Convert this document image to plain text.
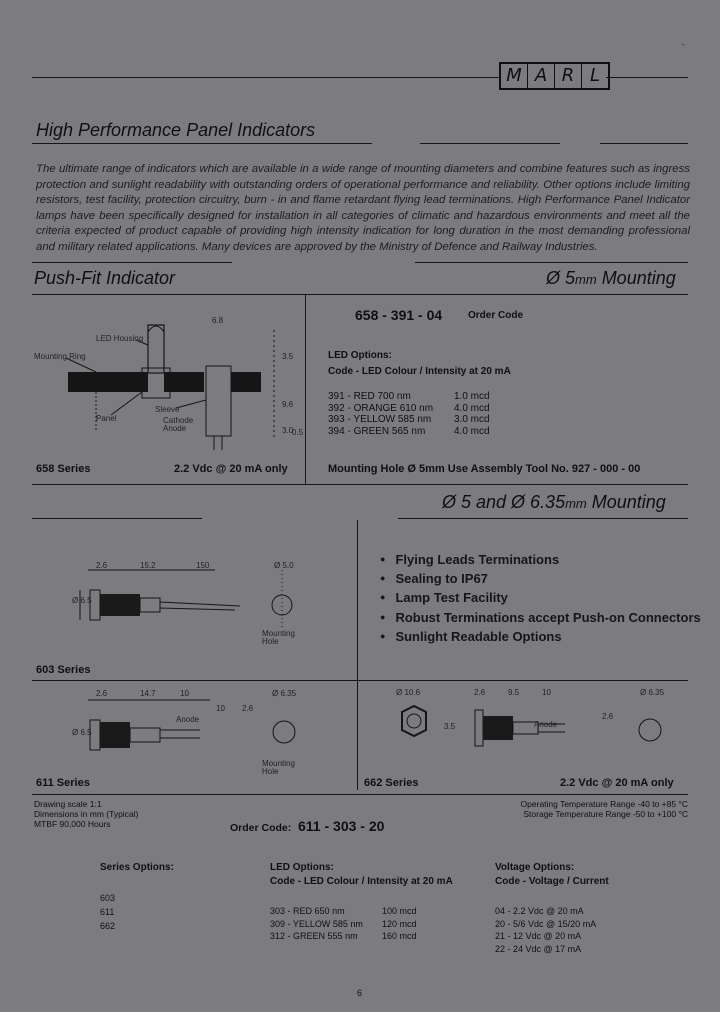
M A R L
-
High Performance Panel Indicators
The ultimate range of indicators which are available in a wide range of mounting diameters and combine features such as ingress protection and sunlight readability with outstanding orders of operational performance and reliability. Other options include limiting resistors, test facility, protection circuitry, burn - in and flame retardant flying lead terminations. High Performance Panel Indicator lamps have been specifically designed for installation in all categories of climatic and hazardous environments and meet all the criteria expected of product capable of providing high intensity indication for long duration in the most demanding professional and military related applications. Many devices are approved by the Ministry of Defence and Railway Industries.
Push-Fit Indicator	Ø 5mm Mounting
6.8
LED Housing
Mounting Ring
Panel
Sleeve
Cathode
Anode
3.5
9.6
3.0
0.5
658 - 391 - 04	Order Code
LED Options:
Code - LED Colour / Intensity at 20 mA
391 - RED 700 nm	1.0 mcd
392 - ORANGE 610 nm 4.0 mcd
393 - YELLOW 585 nm 3.0 mcd
394 - GREEN 565 nm	4.0 mcd
658 Series	2.2 Vdc @ 20 mA only	Mounting Hole Ø 5mm Use Assembly Tool No. 927 - 000 - 00
Ø 5 and Ø 6.35mm Mounting
● Flying Leads Terminations
● Sealing to IP67
● Lamp Test Facility
● Robust Terminations accept Push-on Connectors
● Sunlight Readable Options
2.6	15.2	150
Ø 6.5
Ø 5.0
Mounting Hole
603 Series
2.6	14.7	10
Ø 6.5
Ø 6.35
10 2.6
Anode
Mounting Hole
611 Series
Ø 10.6	2.6	9.5	10	Ø 6.35
3.5
2.6
Anode
662 Series	2.2 Vdc @ 20 mA only
Drawing scale 1:1
Dimensions in mm (Typical)
MTBF 90,000 Hours
Operating Temperature Range -40 to +85 °C
Storage Temperature Range -50 to +100 °C
Order Code: 611 - 303 - 20
Series Options:
603
611
662
LED Options:
Code - LED Colour / Intensity at 20 mA
303 - RED 650 nm	100 mcd
309 - YELLOW 585 nm 120 mcd
312 - GREEN 555 nm	160 mcd
Voltage Options:
Code - Voltage / Current
04 - 2.2 Vdc @ 20 mA
20 - 5/6 Vdc @ 15/20 mA
21 - 12 Vdc @ 20 mA
22 - 24 Vdc @ 17 mA
6
